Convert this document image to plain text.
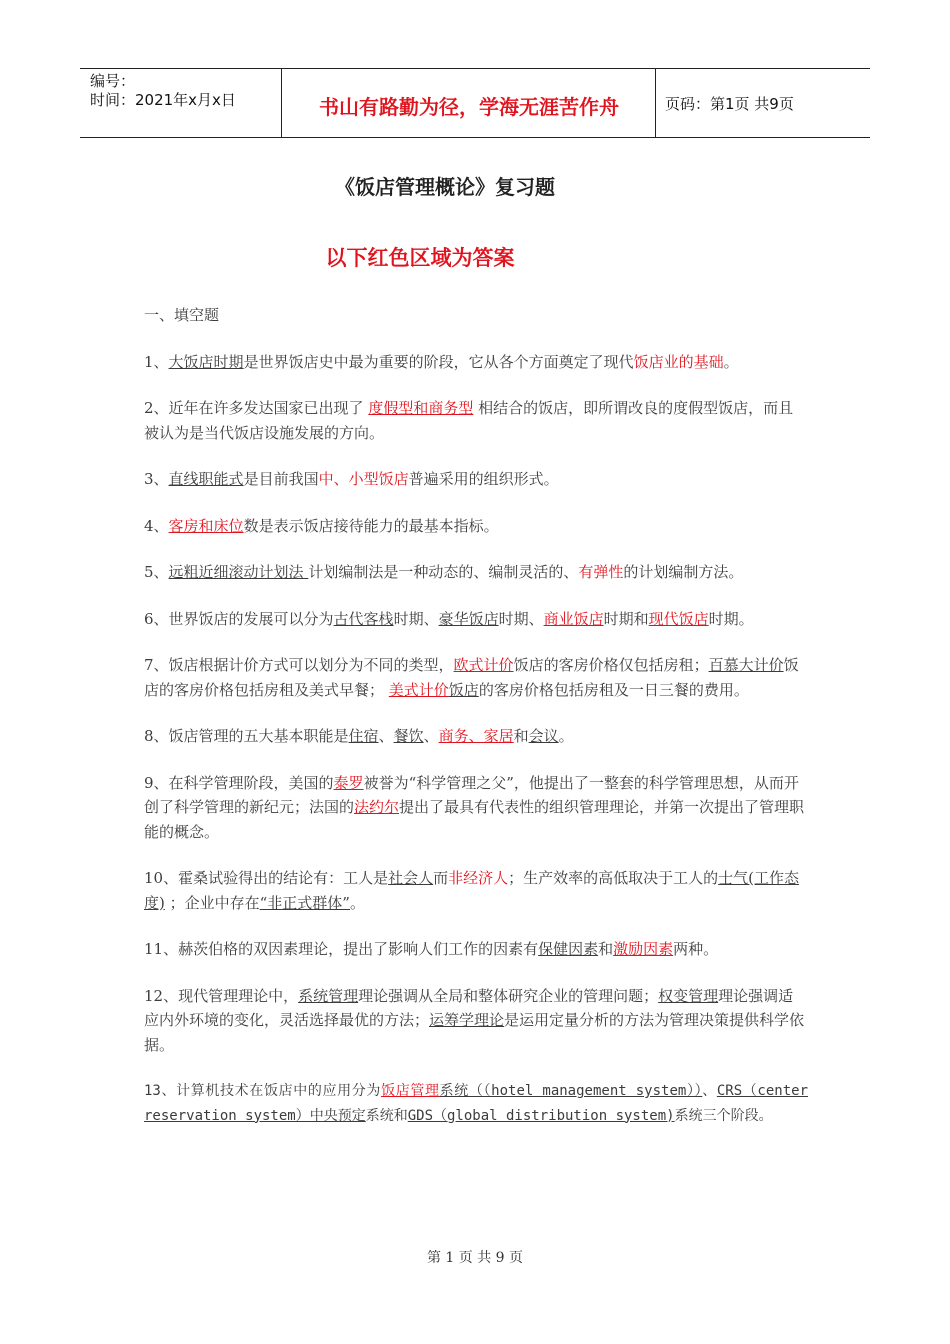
编号：
时间：2021年x月x日	书山有路勤为径，学海无涯苦作舟	页码：第1页 共9页
《饭店管理概论》复习题
以下红色区域为答案

一、填空题

1、大饭店时期是世界饭店史中最为重要的阶段，它从各个方面奠定了现代饭店业的基础。

2、近年在许多发达国家已出现了 度假型和商务型 相结合的饭店，即所谓改良的度假型饭店，而且被认为是当代饭店设施发展的方向。

3、直线职能式是目前我国中、小型饭店普遍采用的组织形式。

4、客房和床位数是表示饭店接待能力的最基本指标。

5、远粗近细滚动计划法 计划编制法是一种动态的、编制灵活的、有弹性的计划编制方法。

6、世界饭店的发展可以分为古代客栈时期、豪华饭店时期、商业饭店时期和现代饭店时期。

7、饭店根据计价方式可以划分为不同的类型，欧式计价饭店的客房价格仅包括房租；百慕大计价饭店的客房价格包括房租及美式早餐； 美式计价饭店的客房价格包括房租及一日三餐的费用。

8、饭店管理的五大基本职能是住宿、餐饮、商务、家居和会议。

9、在科学管理阶段，美国的泰罗被誉为“科学管理之父”，他提出了一整套的科学管理思想，从而开创了科学管理的新纪元；法国的法约尔提出了最具有代表性的组织管理理论，并第一次提出了管理职能的概念。

10、霍桑试验得出的结论有：工人是社会人而非经济人；生产效率的高低取决于工人的士气(工作态度) ；企业中存在“非正式群体”。

11、赫茨伯格的双因素理论，提出了影响人们工作的因素有保健因素和激励因素两种。

12、现代管理理论中，系统管理理论强调从全局和整体研究企业的管理问题；权变管理理论强调适应内外环境的变化，灵活选择最优的方法；运筹学理论是运用定量分析的方法为管理决策提供科学依据。

13、计算机技术在饭店中的应用分为饭店管理系统（（hotel management system））、CRS（center reservation system）中央预定系统和GDS（global distribution system)系统三个阶段。

第 1 页 共 9 页
